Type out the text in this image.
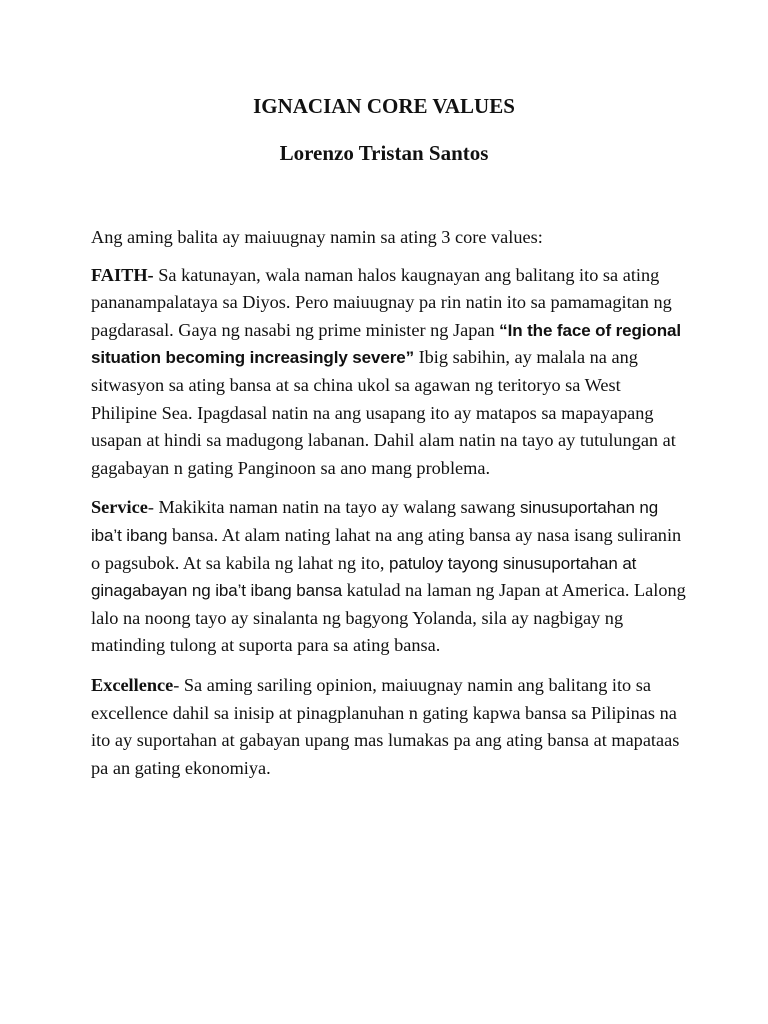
IGNACIAN CORE VALUES
Lorenzo Tristan Santos

Ang aming balita ay maiuugnay namin sa ating 3 core values:

FAITH- Sa katunayan, wala naman halos kaugnayan ang balitang ito sa ating pananampalataya sa Diyos. Pero maiuugnay pa rin natin ito sa pamamagitan ng pagdarasal. Gaya ng nasabi ng prime minister ng Japan “In the face of regional situation becoming increasingly severe” Ibig sabihin, ay malala na ang sitwasyon sa ating bansa at sa china ukol sa agawan ng teritoryo sa West Philipine Sea. Ipagdasal natin na ang usapang ito ay matapos sa mapayapang usapan at hindi sa madugong labanan. Dahil alam natin na tayo ay tutulungan at gagabayan n gating Panginoon sa ano mang problema.

Service- Makikita naman natin na tayo ay walang sawang sinusuportahan ng iba’t ibang bansa. At alam nating lahat na ang ating bansa ay nasa isang suliranin o pagsubok. At sa kabila ng lahat ng ito, patuloy tayong sinusuportahan at ginagabayan ng iba’t ibang bansa katulad na laman ng Japan at America. Lalong lalo na noong tayo ay sinalanta ng bagyong Yolanda, sila ay nagbigay ng matinding tulong at suporta para sa ating bansa.

Excellence- Sa aming sariling opinion, maiuugnay namin ang balitang ito sa excellence dahil sa inisip at pinagplanuhan n gating kapwa bansa sa Pilipinas na ito ay suportahan at gabayan upang mas lumakas pa ang ating bansa at mapataas pa an gating ekonomiya.
